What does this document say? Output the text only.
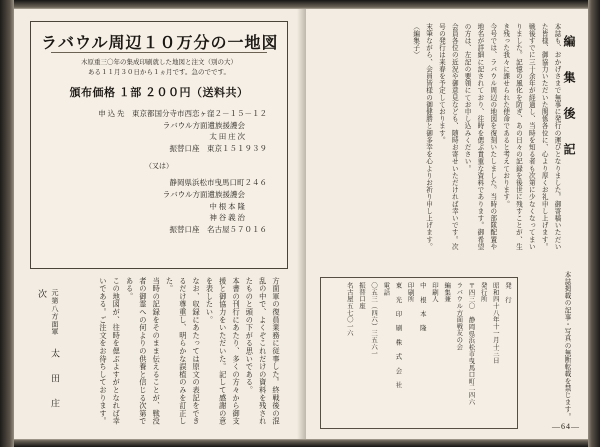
ラバウル周辺１０万分の一地図
木原重三〇年の集成印刷就した地図と注文（別の大）
ある１１月３０日から１ヵ月です。急のでです。
頒布価格 １部 ２００円（送料共）
申 込 先　東京都国分寺市西恋ヶ窪２－１５－１２
ラバウル方面遺族援護会
太 田 庄 次
振替口座　東京１５１９３９
（又は）
静岡県浜松市曳馬口町２４６
ラバウル方面遺族援護会
中 根 本 隆
神 谷 義 治
振替口座　名古屋５７０１６

方面軍の復員業務に従事した。終戦後の混乱の中で、よくぞこれだけの資料を残されたものと頭の下がる思いである。

本書の刊行にあたり、多くの方々から御支援と御協力をいただいた。記して感謝の意を表したい。

なお、収録にあたっては原文の表記をできるだけ尊重し、明らかな誤植のみを訂正した。

当時の記録をそのまま伝えることが、戦没者の御霊への何よりの供養と信じる次第である。

この地図が、往時を偲ぶよすがとなれば幸いである。ご注文をお待ちしております。

元第八方面軍 太 田 庄 次
編 集 後 記

本誌も、おかげさまで無事に発行の運びとなりました。御寄稿いただいた皆様、御協力いただいた関係各位に、心より厚くお礼申し上げます。

戦後すでに三十余年が経過し、当時を知る者も次第に少なくなってまいりました。記憶の風化を防ぎ、あの日々の記録を後世に残すことが、生き残った我々に課せられた使命であると考えております。

今号では、ラバウル周辺の地図を復刻いたしました。当時の部隊配置や地名が詳細に記されており、往時を偲ぶ貴重な資料であります。御希望の方は、左記の要領にてお申し込みください。

会員各位の近況や御意見なども、随時お寄せいただければ幸いです。次号の発行は来春を予定しております。

末筆ながら、会員皆様の御健勝と御多幸を心よりお祈り申し上げます。（編集子）

発 行
昭和四十八年十一月十三日
発行所
〒四三〇 静岡県浜松市曳馬口町二四六
ラバウル方面戦友の会
編集兼
印刷人
中 根 本 隆
印刷所
東 光 印 刷 株 式 会 社
電話
〇五三（四六）三五六一
振替口座
名古屋五七〇一六	本誌掲載の記事・写真の無断転載を禁じます。
—64—
